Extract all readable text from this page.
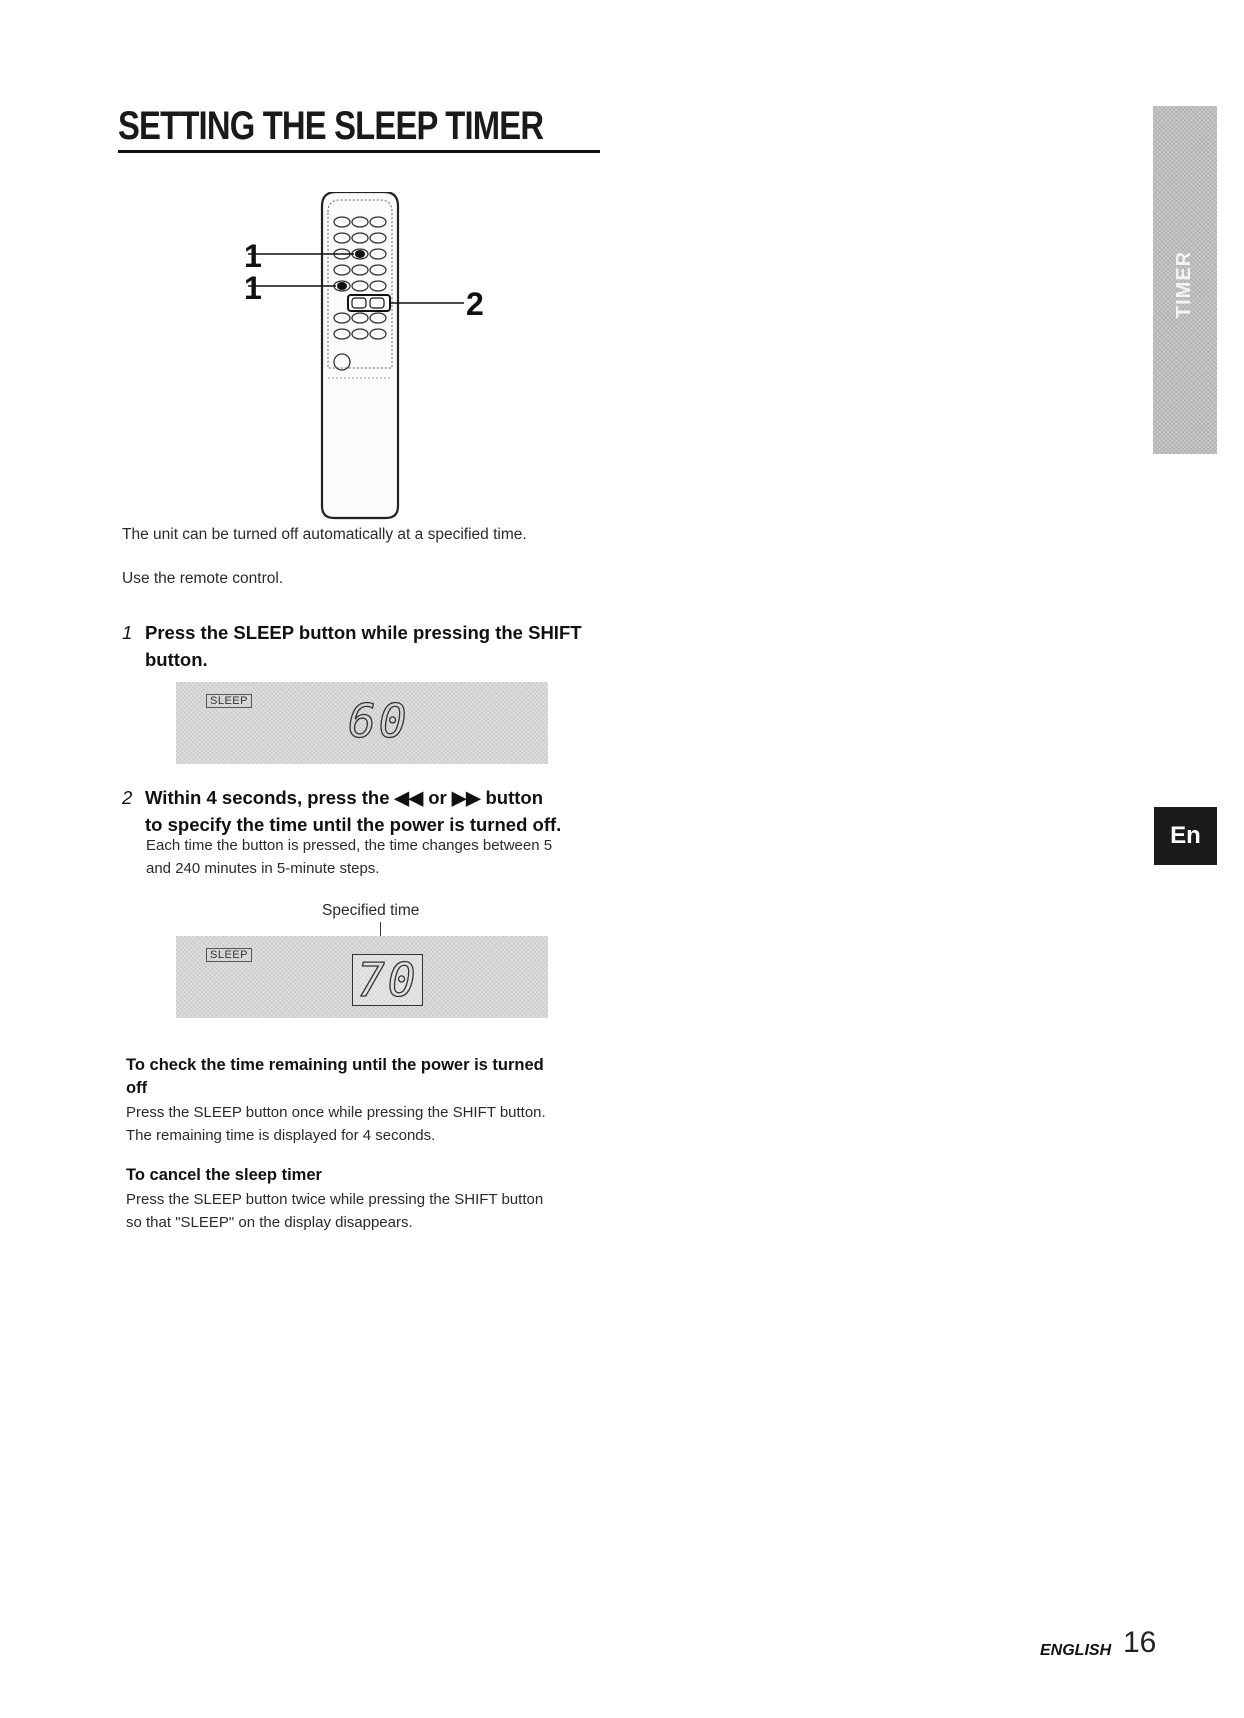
SETTING THE SLEEP TIMER
TIMER
En
1
1	2

The unit can be turned off automatically at a specified time.

Use the remote control.

1 Press the SLEEP button while pressing the SHIFT
button.
SLEEP 60
2 Within 4 seconds, press the ◀◀ or ▶▶ button
to specify the time until the power is turned off.
Each time the button is pressed, the time changes between 5
and 240 minutes in 5-minute steps.
Specified time
SLEEP 70

To check the time remaining until the power is turned

off

Press the SLEEP button once while pressing the SHIFT button.

The remaining time is displayed for 4 seconds.

To cancel the sleep timer

Press the SLEEP button twice while pressing the SHIFT button

so that "SLEEP" on the display disappears.

ENGLISH 16
